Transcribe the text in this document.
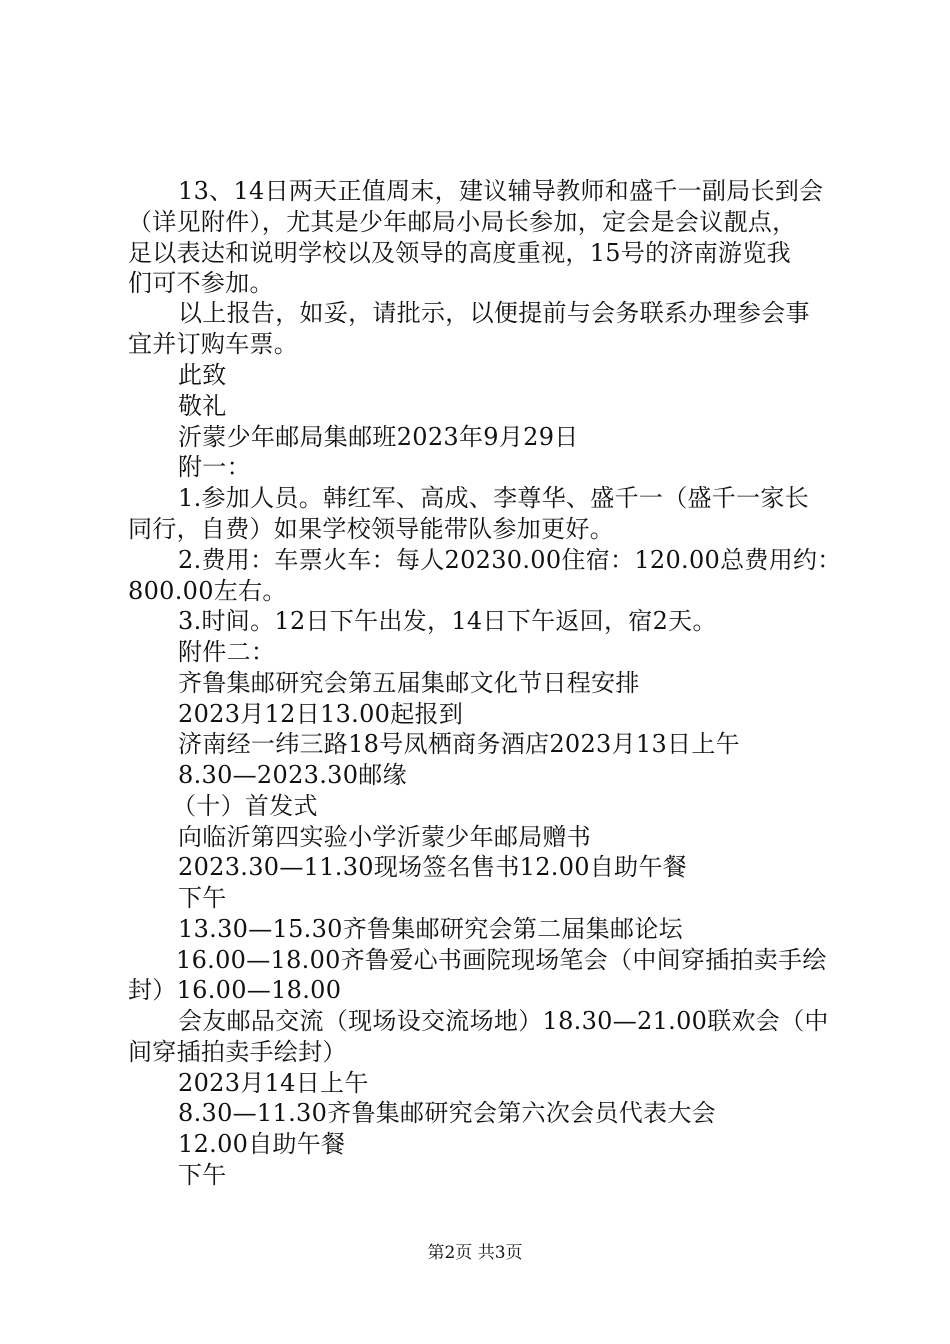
13、14日两天正值周末，建议辅导教师和盛千一副局长到会
（详见附件），尤其是少年邮局小局长参加，定会是会议靓点，
足以表达和说明学校以及领导的高度重视，15号的济南游览我
们可不参加。
以上报告，如妥，请批示，以便提前与会务联系办理参会事
宜并订购车票。
此致
敬礼
沂蒙少年邮局集邮班2023年9月29日
附一：
1.参加人员。韩红军、高成、李尊华、盛千一（盛千一家长
同行，自费）如果学校领导能带队参加更好。
2.费用：车票火车：每人20230.00住宿：120.00总费用约：
800.00左右。
3.时间。12日下午出发，14日下午返回，宿2天。
附件二：
齐鲁集邮研究会第五届集邮文化节日程安排
2023月12日13.00起报到
济南经一纬三路18号凤栖商务酒店2023月13日上午
8.30—2023.30邮缘
（十）首发式
向临沂第四实验小学沂蒙少年邮局赠书
2023.30—11.30现场签名售书12.00自助午餐
下午
13.30—15.30齐鲁集邮研究会第二届集邮论坛
16.00—18.00齐鲁爱心书画院现场笔会（中间穿插拍卖手绘
封）16.00—18.00
会友邮品交流（现场设交流场地）18.30—21.00联欢会（中
间穿插拍卖手绘封）
2023月14日上午
8.30—11.30齐鲁集邮研究会第六次会员代表大会
12.00自助午餐
下午
第2页 共3页
